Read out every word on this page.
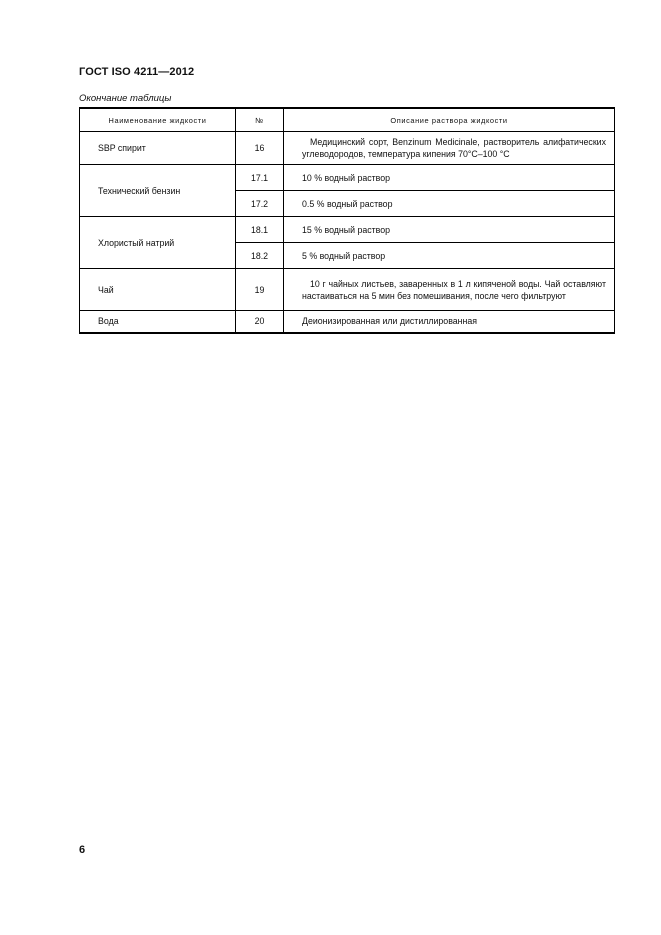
ГОСТ ISO 4211—2012
Окончание таблицы
Наименование жидкости	№	Описание раствора жидкости
SBP спирит	16	Медицинский сорт, Benzinum Medicinale, растворитель алифатических углеводородов, температура кипения 70°С–100 °С

Технический бензин	17.1	10 % водный раствор
	17.2	0.5 % водный раствор
Хлористый натрий	18.1	15 % водный раствор
	18.2	5 % водный раствор
Чай	19	10 г чайных листьев, заваренных в 1 л кипяченой воды. Чай оставляют настаиваться на 5 мин без помешивания, после чего фильтруют

Вода	20	Деионизированная или дистиллированная
6
